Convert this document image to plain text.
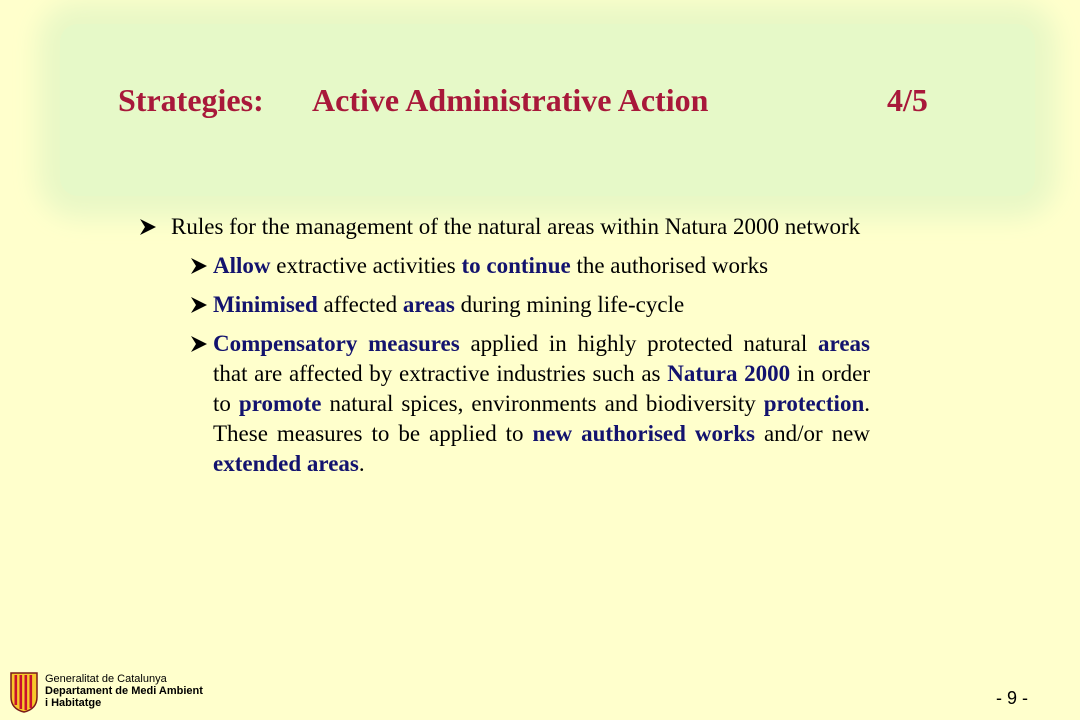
Strategies: Active Administrative Action	4/5
Rules for the management of the natural areas within Natura 2000 network
Allow extractive activities to continue the authorised works
Minimised affected areas during mining life-cycle
Compensatory measures applied in highly protected natural areas that are affected by extractive industries such as Natura 2000 in order to promote natural spices, environments and biodiversity protection. These measures to be applied to new authorised works and/or new extended areas.
Generalitat de Catalunya
Departament de Medi Ambient
i Habitatge	- 9 -
